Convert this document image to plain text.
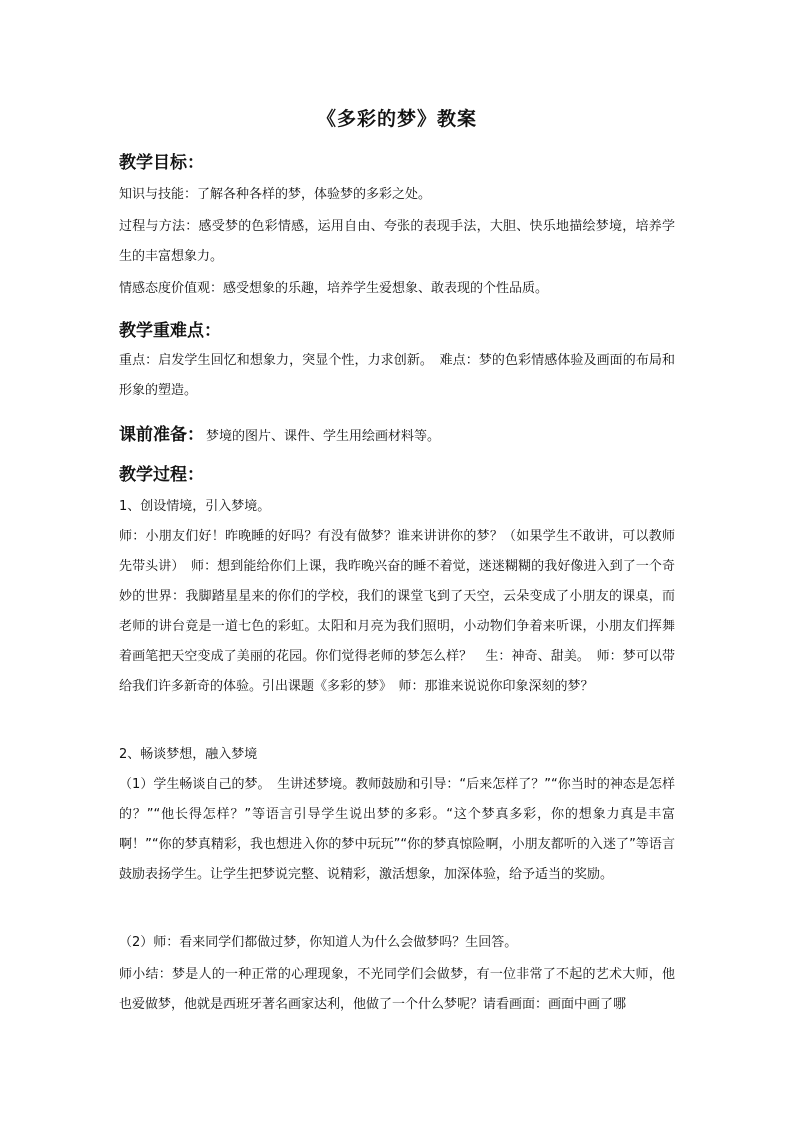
《多彩的梦》教案
教学目标：

知识与技能：了解各种各样的梦，体验梦的多彩之处。

过程与方法：感受梦的色彩情感，运用自由、夸张的表现手法，大胆、快乐地描绘梦境，培养学生的丰富想象力。

情感态度价值观：感受想象的乐趣，培养学生爱想象、敢表现的个性品质。

教学重难点：

重点：启发学生回忆和想象力，突显个性，力求创新。　难点：梦的色彩情感体验及画面的布局和形象的塑造。

课前准备： 梦境的图片、课件、学生用绘画材料等。
教学过程：

1、创设情境，引入梦境。

师：小朋友们好！昨晚睡的好吗？有没有做梦？谁来讲讲你的梦？（如果学生不敢讲，可以教师先带头讲）　师：想到能给你们上课，我昨晚兴奋的睡不着觉，迷迷糊糊的我好像进入到了一个奇妙的世界：我脚踏星星来的你们的学校，我们的课堂飞到了天空，云朵变成了小朋友的课桌，而老师的讲台竟是一道七色的彩虹。太阳和月亮为我们照明，小动物们争着来听课，小朋友们挥舞着画笔把天空变成了美丽的花园。你们觉得老师的梦怎么样？　生：神奇、甜美。　师：梦可以带给我们许多新奇的体验。引出课题《多彩的梦》　师：那谁来说说你印象深刻的梦？

2、畅谈梦想，融入梦境

（1）学生畅谈自己的梦。　生讲述梦境。教师鼓励和引导：“后来怎样了？”“你当时的神态是怎样的？”“他长得怎样？”等语言引导学生说出梦的多彩。“这个梦真多彩，你的想象力真是丰富啊！”“你的梦真精彩，我也想进入你的梦中玩玩”“你的梦真惊险啊，小朋友都听的入迷了”等语言鼓励表扬学生。让学生把梦说完整、说精彩，激活想象，加深体验，给予适当的奖励。

（2）师：看来同学们都做过梦，你知道人为什么会做梦吗？生回答。

师小结：梦是人的一种正常的心理现象，不光同学们会做梦，有一位非常了不起的艺术大师，他也爱做梦，他就是西班牙著名画家达利，他做了一个什么梦呢？请看画面：画面中画了哪
